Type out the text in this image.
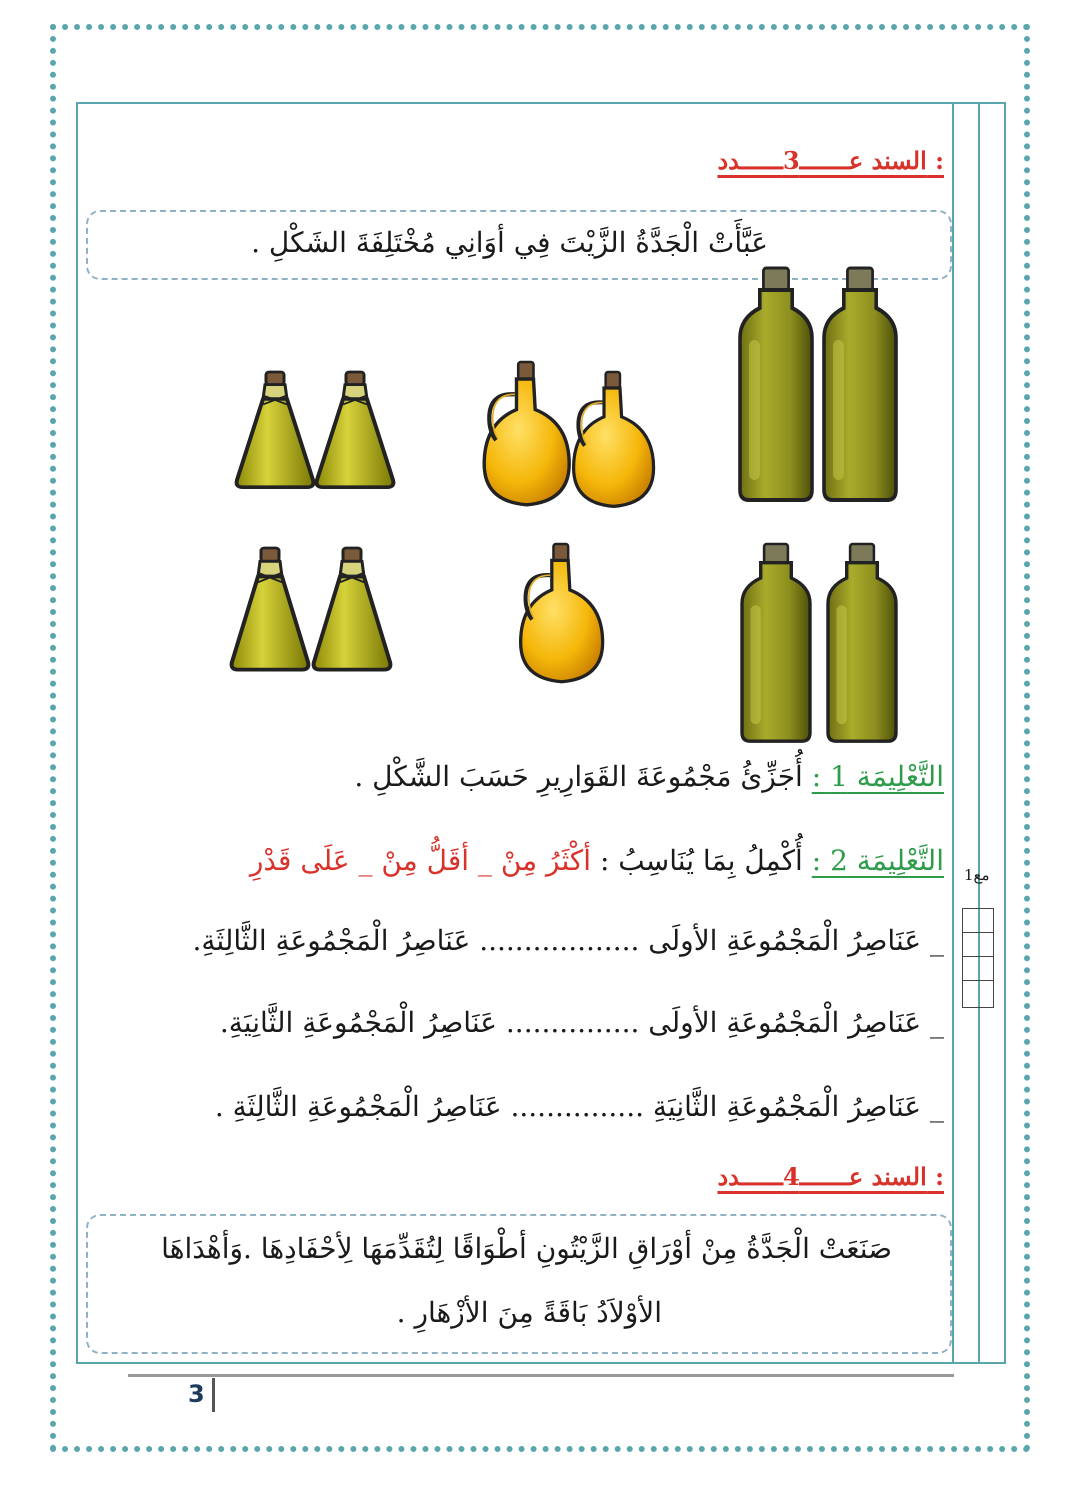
السند عـــــــ3ــــــدد :
عَبَّأَتْ الْجَدَّةُ الزَّيْتَ فِي أوَانِي مُخْتَلِفَةَ الشَكْلِ .
التَّعْلِيمَة 1 : أُجَزِّئُ مَجْمُوعَةَ القَوَارِيرِ حَسَبَ الشَّكْلِ .
التَّعْلِيمَة 2 : أُكْمِلُ بِمَا يُنَاسِبُ : أكْثَرُ مِنْ _ أقَلُّ مِنْ _ عَلَى قَدْرِ	مع1
_ عَنَاصِرُ الْمَجْمُوعَةِ الأولَى .................. عَنَاصِرُ الْمَجْمُوعَةِ الثَّالِثَةِ.
_ عَنَاصِرُ الْمَجْمُوعَةِ الأولَى ............... عَنَاصِرُ الْمَجْمُوعَةِ الثَّانِيَةِ.
_ عَنَاصِرُ الْمَجْمُوعَةِ الثَّانِيَةِ ............... عَنَاصِرُ الْمَجْمُوعَةِ الثَّالِثَةِ .
السند عـــــــ4ــــــدد :
صَنَعَتْ الْجَدَّةُ مِنْ أوْرَاقِ الزَّيْتُونِ أطْوَاقًا لِتُقَدِّمَهَا لِأحْفَادِهَا .وَأهْدَاهَا
الأوْلاَدُ بَاقَةً مِنَ الأزْهَارِ .
3
